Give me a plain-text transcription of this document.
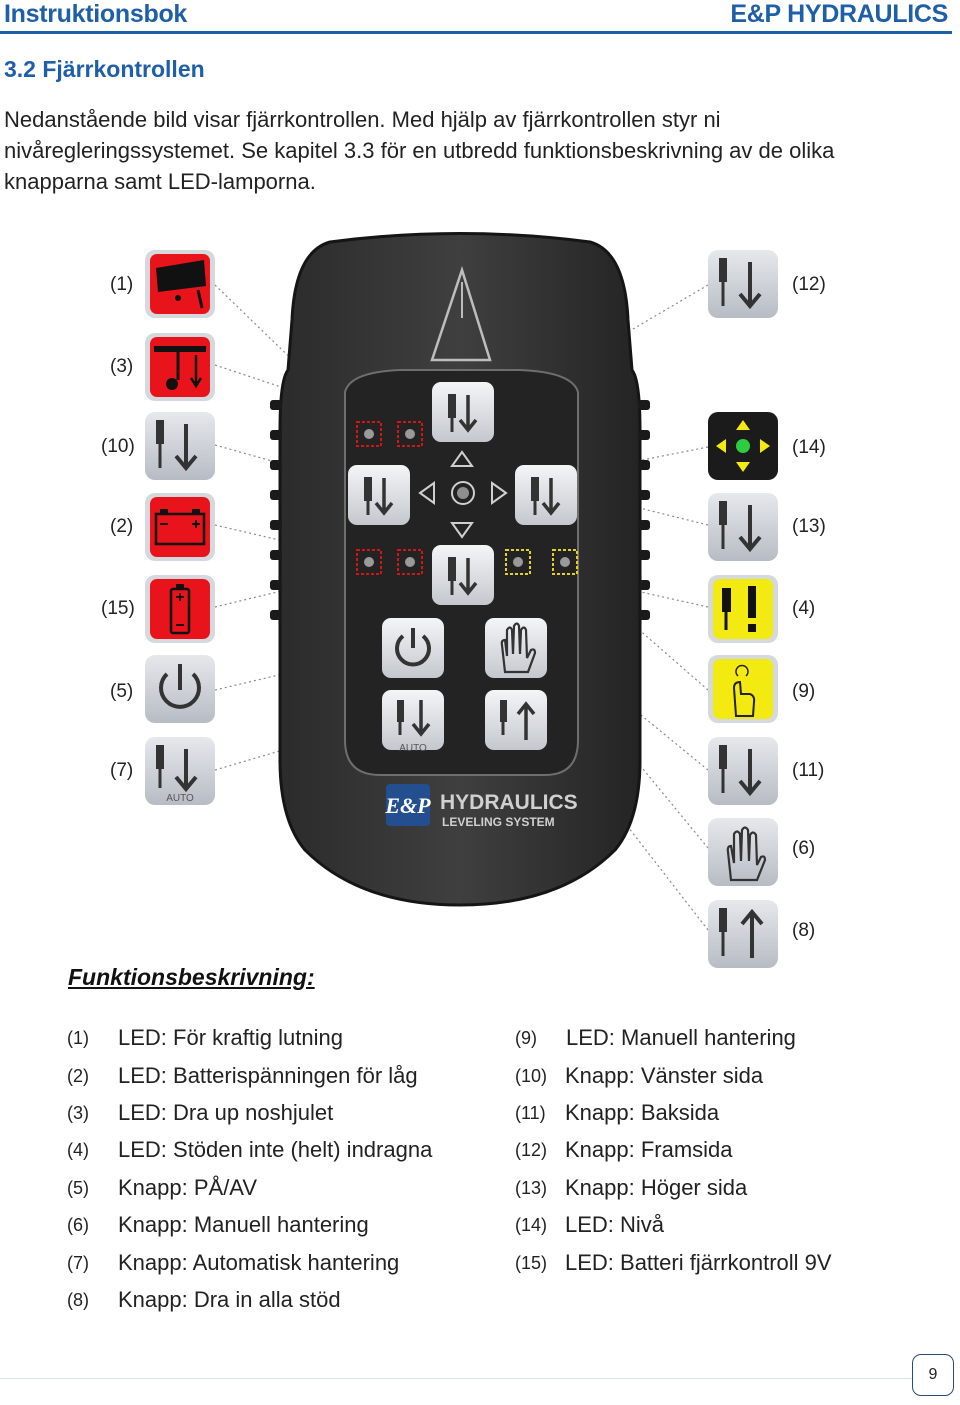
Instruktionsbok	E&P HYDRAULICS
3.2 Fjärrkontrollen
Nedanstående bild visar fjärrkontrollen. Med hjälp av fjärrkontrollen styr ni nivåregleringssystemet. Se kapitel 3.3 för en utbredd funktionsbeskrivning av de olika knapparna samt LED-lamporna.
AUTO
E&P HYDRAULICS
LEVELING SYSTEM
AUTO
(1)
(3)
(10)
(2)
(15)
(5)
(7)
(12)
(14)
(13)
(4)
(9)
(11)
(6)
(8)
Funktionsbeskrivning:
(1) LED: För kraftig lutning
(2) LED: Batterispänningen för låg
(3) LED: Dra up noshjulet
(4) LED: Stöden inte (helt) indragna
(5) Knapp: PÅ/AV
(6) Knapp: Manuell hantering
(7) Knapp: Automatisk hantering
(8) Knapp: Dra in alla stöd
(9) LED: Manuell hantering
(10) Knapp: Vänster sida
(11) Knapp: Baksida
(12) Knapp: Framsida
(13) Knapp: Höger sida
(14) LED: Nivå
(15) LED: Batteri fjärrkontroll 9V
9
